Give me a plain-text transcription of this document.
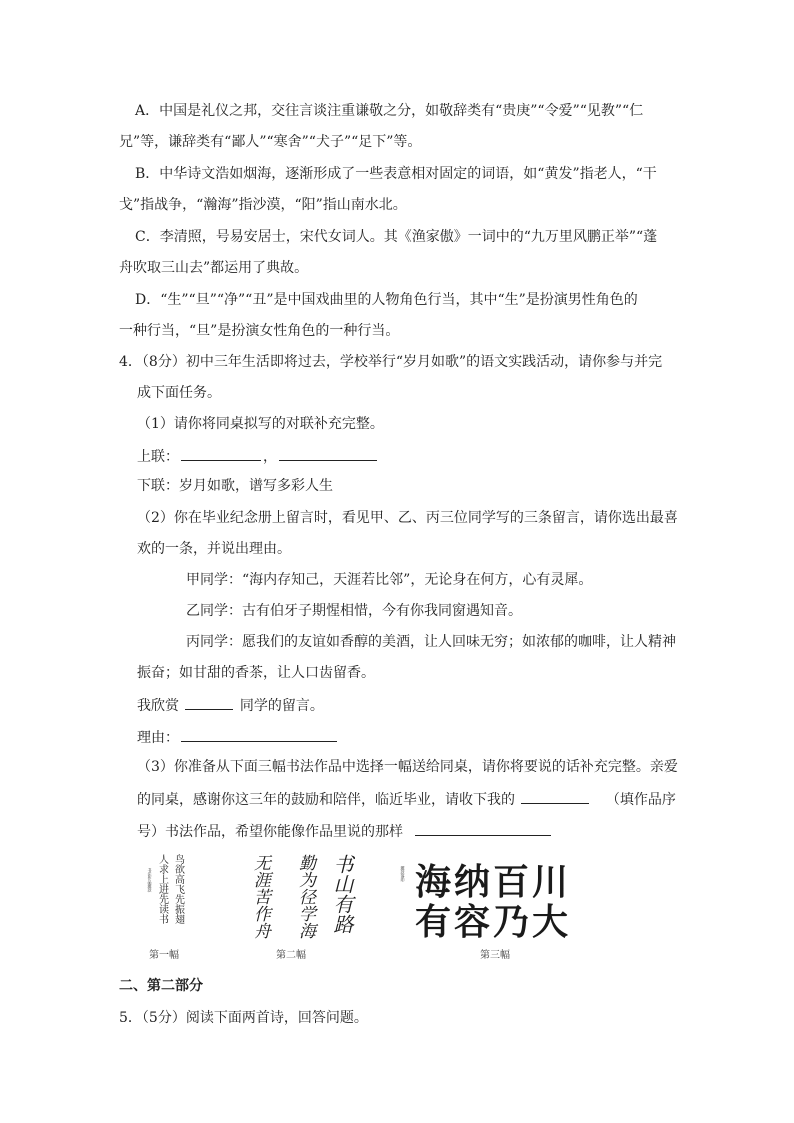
A．中国是礼仪之邦，交往言谈注重谦敬之分，如敬辞类有“贵庚”“令爱”“见教”“仁
兄”等，谦辞类有“鄙人”“寒舍”“犬子”“足下”等。
B．中华诗文浩如烟海，逐渐形成了一些表意相对固定的词语，如“黄发”指老人，“干
戈”指战争，“瀚海”指沙漠，“阳”指山南水北。
C．李清照，号易安居士，宋代女词人。其《渔家傲》一词中的“九万里风鹏正举”“蓬
舟吹取三山去”都运用了典故。
D．“生”“旦”“净”“丑”是中国戏曲里的人物角色行当，其中“生”是扮演男性角色的
一种行当，“旦”是扮演女性角色的一种行当。
4．（8分）初中三年生活即将过去，学校举行“岁月如歌”的语文实践活动，请你参与并完
成下面任务。
（1）请你将同桌拟写的对联补充完整。
上联：	，
下联：岁月如歌，谱写多彩人生
（2）你在毕业纪念册上留言时，看见甲、乙、丙三位同学写的三条留言，请你选出最喜
欢的一条，并说出理由。
甲同学：“海内存知己，天涯若比邻”，无论身在何方，心有灵犀。
乙同学：古有伯牙子期惺相惜，今有你我同窗遇知音。
丙同学：愿我们的友谊如香醇的美酒，让人回味无穷；如浓郁的咖啡，让人精神
振奋；如甘甜的香茶，让人口齿留香。
我欣赏	同学的留言。
理由：
（3）你准备从下面三幅书法作品中选择一幅送给同桌，请你将要说的话补充完整。亲爱
的同桌，感谢你这三年的鼓励和陪伴，临近毕业，请收下我的	（填作品序
号）书法作品，希望你能像作品里说的那样
鸟欲高飞先振翅
人求上进先读书
书法作品题款
第一幅
书山有路
勤为径学海
无涯苦作舟
第二幅
题款落印 海纳百川
有容乃大
第三幅
二、第二部分
5．（5分）阅读下面两首诗，回答问题。
